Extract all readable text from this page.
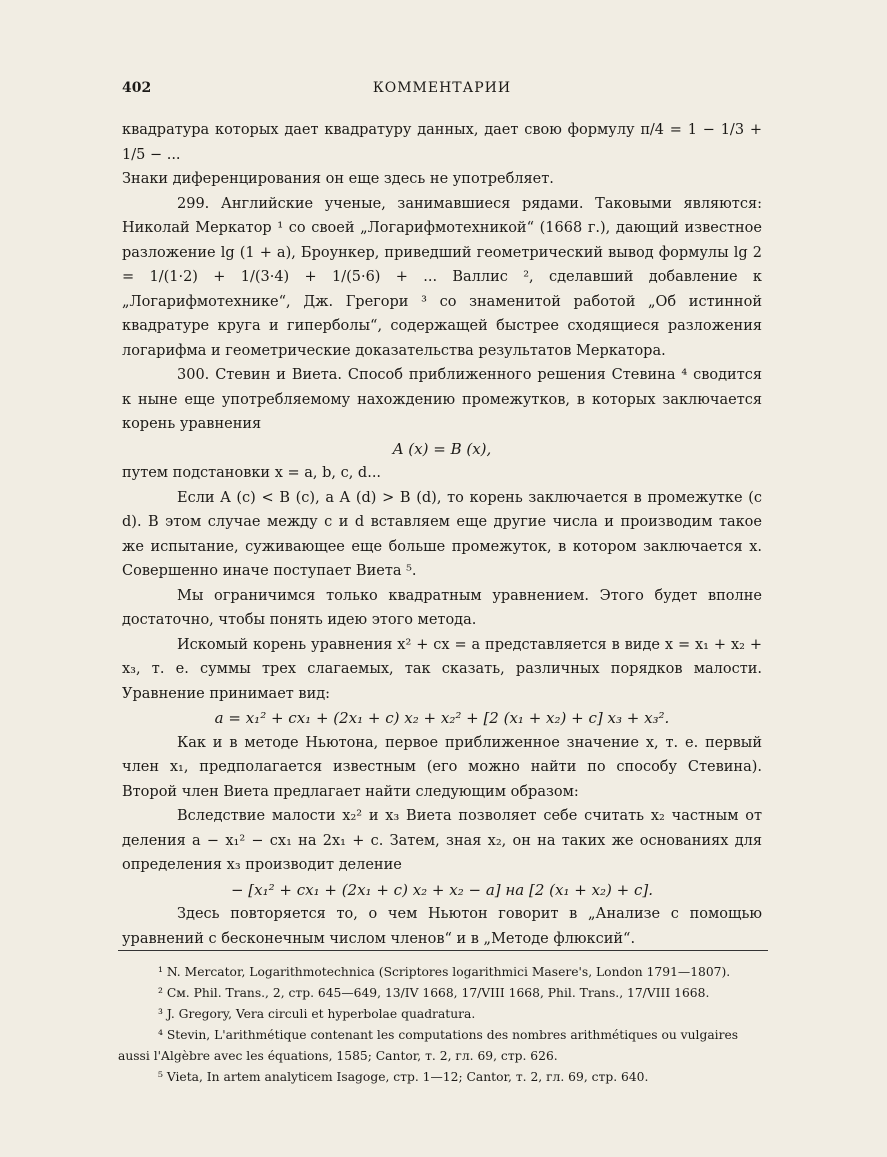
402	КОММЕНТАРИИ

квадратура которых дает квадратуру данных, дает свою формулу π/4 = 1 − 1/3 + 1/5 − ...

Знаки диференцирования он еще здесь не употребляет.

299. Английские ученые, занимавшиеся рядами. Таковыми являются: Николай Меркатор ¹ со своей „Логарифмотехникой“ (1668 г.), дающий известное разложение lg (1 + a), Броункер, приведший геометрический вывод формулы lg 2 = 1/(1·2) + 1/(3·4) + 1/(5·6) + ... Валлис ², сделавший добавление к „Логарифмотехнике“, Дж. Грегори ³ со знаменитой работой „Об истинной квадратуре круга и гиперболы“, содержащей быстрее сходящиеся разложения логарифма и геометрические доказательства результатов Меркатора.

300. Стевин и Виета. Способ приближенного решения Стевина ⁴ сводится к ныне еще употребляемому нахождению промежутков, в которых заключается корень уравнения

A (x) = B (x),

путем подстановки x = a, b, c, d...

Если A (c) < B (c), а A (d) > B (d), то корень заключается в промежутке (c d). В этом случае между c и d вставляем еще другие числа и производим такое же испытание, суживающее еще больше промежуток, в котором заключается x. Совершенно иначе поступает Виета ⁵.

Мы ограничимся только квадратным уравнением. Этого будет вполне достаточно, чтобы понять идею этого метода.

Искомый корень уравнения x² + cx = a представляется в виде x = x₁ + x₂ + x₃, т. е. суммы трех слагаемых, так сказать, различных порядков малости. Уравнение принимает вид:

a = x₁² + cx₁ + (2x₁ + c) x₂ + x₂² + [2 (x₁ + x₂) + c] x₃ + x₃².

Как и в методе Ньютона, первое приближенное значение x, т. е. первый член x₁, предполагается известным (его можно найти по способу Стевина). Второй член Виета предлагает найти следующим образом:

Вследствие малости x₂² и x₃ Виета позволяет себе считать x₂ частным от деления a − x₁² − cx₁ на 2x₁ + c. Затем, зная x₂, он на таких же основаниях для определения x₃ производит деление

− [x₁² + cx₁ + (2x₁ + c) x₂ + x₂ − a] на [2 (x₁ + x₂) + c].

Здесь повторяется то, о чем Ньютон говорит в „Анализе с помощью уравнений с бесконечным числом членов“ и в „Методе флюксий“.

¹ N. Mercator, Logarithmotechnica (Scriptores logarithmici Masere's, London 1791—1807).

² См. Phil. Trans., 2, стр. 645—649, 13/IV 1668, 17/VIII 1668, Phil. Trans., 17/VIII 1668.

³ J. Gregory, Vera circuli et hyperbolae quadratura.

⁴ Stevin, L'arithmétique contenant les computations des nombres arithmétiques ou vulgaires aussi l'Algèbre avec les équations, 1585; Cantor, т. 2, гл. 69, стр. 626.

⁵ Vieta, In artem analyticem Isagoge, стр. 1—12; Cantor, т. 2, гл. 69, стр. 640.
